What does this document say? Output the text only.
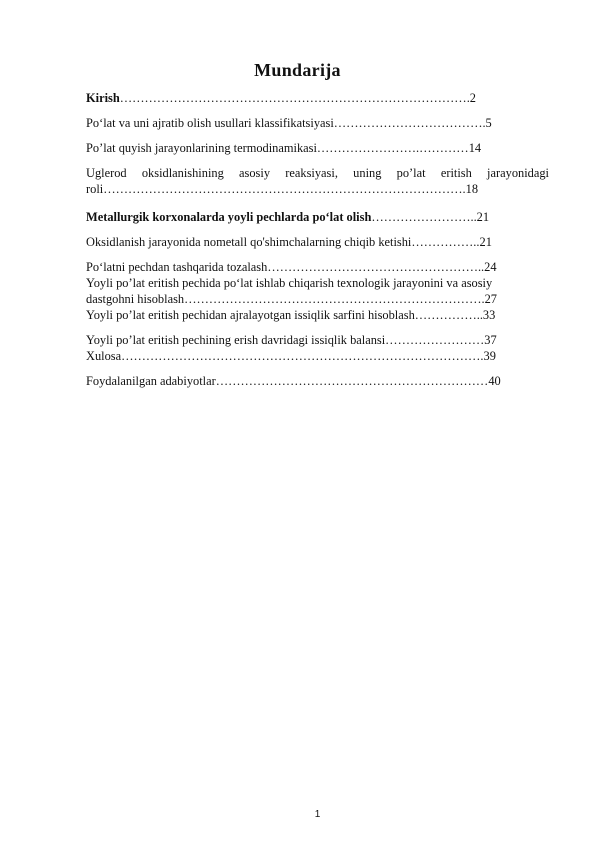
Mundarija
Kirish………………………………………………………………………….2
Po‘lat va uni ajratib olish usullari klassifikatsiyasi……………………………….5
Po’lat quyish jarayonlarining termodinamikasi…………………….…………14
Uglerod oksidlanishining asosiy reaksiyasi, uning po’lat eritish jarayonidagi
roli…………………………………………………………………………….18
Metallurgik korxonalarda yoyli pechlarda po‘lat olish……………………..21
Oksidlanish jarayonida nometall qo'shimchalarning chiqib ketishi……………..21
Po‘latni pechdan tashqarida tozalash……………………………………………..24
Yoyli po’lat eritish pechida po‘lat ishlab chiqarish texnologik jarayonini va asosiy
dastgohni hisoblash……………………………………………………………….27
Yoyli po’lat eritish pechidan ajralayotgan issiqlik sarfini hisoblash……………..33
Yoyli po’lat eritish pechining erish davridagi issiqlik balansi……………………37
Xulosa…………………………………………………………………………….39
Foydalanilgan adabiyotlar…………………………………………………………40
1
